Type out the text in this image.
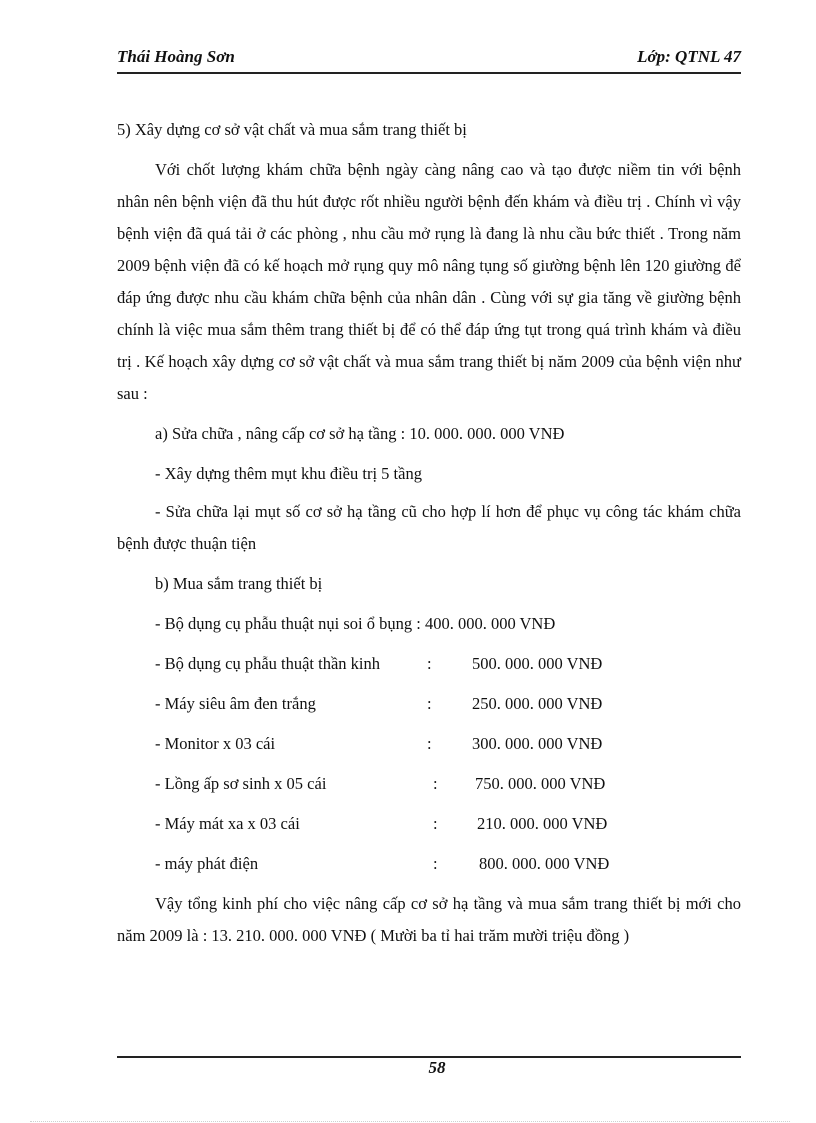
Thái Hoàng Sơn	Lớp: QTNL 47

5) Xây dựng cơ sở vật chất và mua sắm trang thiết bị

Với chốt lượng khám chữa bệnh ngày càng nâng cao và tạo được niềm tin với bệnh nhân nên bệnh viện đã thu hút được rốt nhiều người bệnh đến khám và điều trị . Chính vì vậy bệnh viện đã quá tải ở các phòng , nhu cầu mở rụng là đang là nhu cầu bức thiết . Trong năm 2009 bệnh viện đã có kế hoạch mở rụng quy mô nâng tụng số giường bệnh lên 120 giường để đáp ứng được nhu cầu khám chữa bệnh của nhân dân . Cùng với sự gia tăng về giường bệnh chính là việc mua sắm thêm trang thiết bị để có thể đáp ứng tụt trong quá trình khám và điều trị . Kế hoạch xây dựng cơ sở vật chất và mua sắm trang thiết bị năm 2009 của bệnh viện như sau :

a) Sửa chữa , nâng cấp cơ sở hạ tầng : 10. 000. 000. 000 VNĐ

- Xây dựng thêm mụt khu điều trị 5 tầng

- Sửa chữa lại mụt số cơ sở hạ tầng cũ cho hợp lí hơn để phục vụ công tác khám chữa bệnh được thuận tiện

b) Mua sắm trang thiết bị

- Bộ dụng cụ phẫu thuật nụi soi ổ bụng : 400. 000. 000 VNĐ

- Bộ dụng cụ phẫu thuật thần kinh	: 500. 000. 000 VNĐ
- Máy siêu âm đen trắng	: 250. 000. 000 VNĐ
- Monitor x 03 cái	: 300. 000. 000 VNĐ
- Lồng ấp sơ sinh x 05 cái	: 750. 000. 000 VNĐ
- Máy mát xa x 03 cái	: 210. 000. 000 VNĐ
- máy phát điện	:	800. 000. 000 VNĐ

Vậy tổng kinh phí cho việc nâng cấp cơ sở hạ tầng và mua sắm trang thiết bị mới cho năm 2009 là : 13. 210. 000. 000 VNĐ ( Mười ba tỉ hai trăm mười triệu đồng )

58
